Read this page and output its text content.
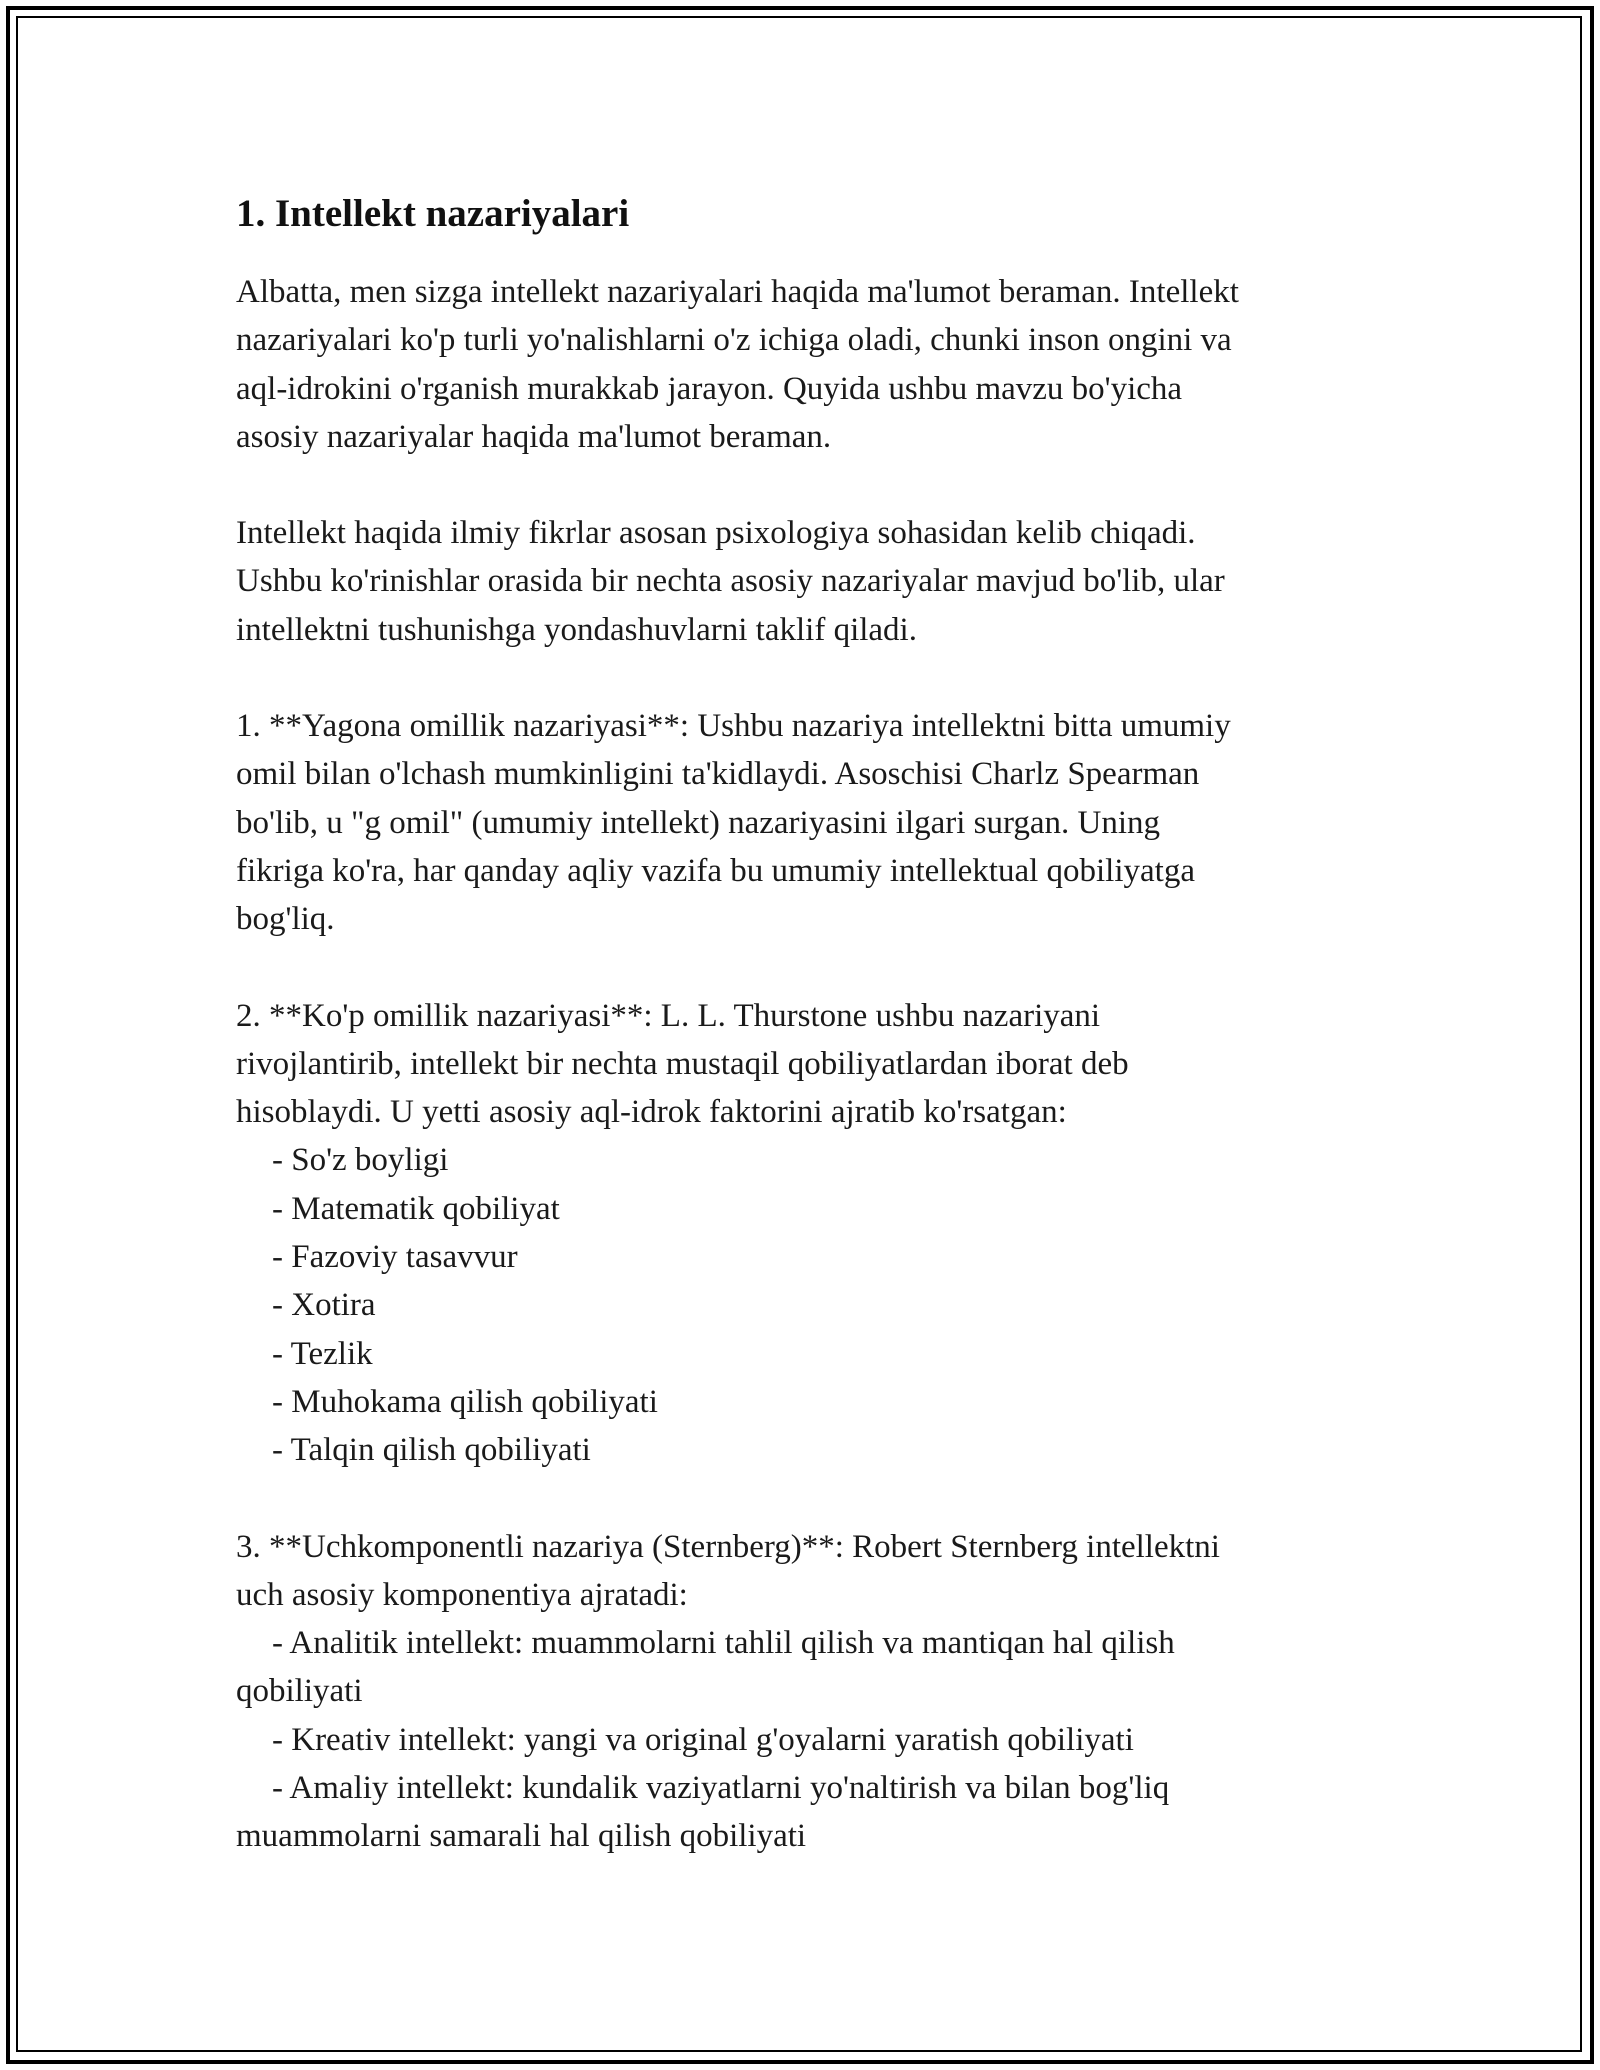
1. Intellekt nazariyalari

Albatta, men sizga intellekt nazariyalari haqida ma'lumot beraman. Intellekt
nazariyalari ko'p turli yo'nalishlarni o'z ichiga oladi, chunki inson ongini va
aql-idrokini o'rganish murakkab jarayon. Quyida ushbu mavzu bo'yicha
asosiy nazariyalar haqida ma'lumot beraman.

Intellekt haqida ilmiy fikrlar asosan psixologiya sohasidan kelib chiqadi.
Ushbu ko'rinishlar orasida bir nechta asosiy nazariyalar mavjud bo'lib, ular
intellektni tushunishga yondashuvlarni taklif qiladi.

1. **Yagona omillik nazariyasi**: Ushbu nazariya intellektni bitta umumiy
omil bilan o'lchash mumkinligini ta'kidlaydi. Asoschisi Charlz Spearman
bo'lib, u "g omil" (umumiy intellekt) nazariyasini ilgari surgan. Uning
fikriga ko'ra, har qanday aqliy vazifa bu umumiy intellektual qobiliyatga
bog'liq.

2. **Ko'p omillik nazariyasi**: L. L. Thurstone ushbu nazariyani
rivojlantirib, intellekt bir nechta mustaqil qobiliyatlardan iborat deb
hisoblaydi. U yetti asosiy aql-idrok faktorini ajratib ko'rsatgan:
- So'z boyligi
- Matematik qobiliyat
- Fazoviy tasavvur
- Xotira
- Tezlik
- Muhokama qilish qobiliyati
- Talqin qilish qobiliyati

3. **Uchkomponentli nazariya (Sternberg)**: Robert Sternberg intellektni
uch asosiy komponentiya ajratadi:
- Analitik intellekt: muammolarni tahlil qilish va mantiqan hal qilish
qobiliyati
- Kreativ intellekt: yangi va original g'oyalarni yaratish qobiliyati
- Amaliy intellekt: kundalik vaziyatlarni yo'naltirish va bilan bog'liq
muammolarni samarali hal qilish qobiliyati
